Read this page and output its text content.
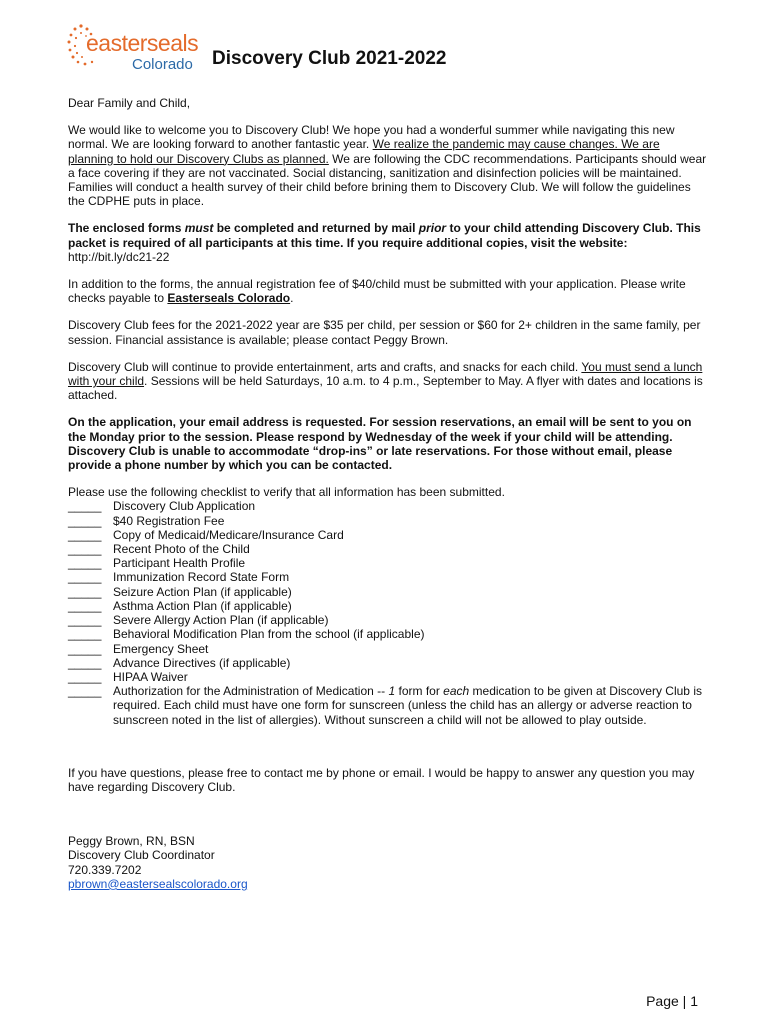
easterseals
Colorado Discovery Club 2021-2022

Dear Family and Child,

We would like to welcome you to Discovery Club! We hope you had a wonderful summer while navigating this new normal. We are looking forward to another fantastic year. We realize the pandemic may cause changes. We are planning to hold our Discovery Clubs as planned. We are following the CDC recommendations. Participants should wear a face covering if they are not vaccinated. Social distancing, sanitization and disinfection policies will be maintained. Families will conduct a health survey of their child before brining them to Discovery Club. We will follow the guidelines the CDPHE puts in place.

The enclosed forms must be completed and returned by mail prior to your child attending Discovery Club. This packet is required of all participants at this time. If you require additional copies, visit the website:

http://bit.ly/dc21-22

In addition to the forms, the annual registration fee of $40/child must be submitted with your application. Please write checks payable to Easterseals Colorado.

Discovery Club fees for the 2021-2022 year are $35 per child, per session or $60 for 2+ children in the same family, per session. Financial assistance is available; please contact Peggy Brown.

Discovery Club will continue to provide entertainment, arts and crafts, and snacks for each child. You must send a lunch with your child. Sessions will be held Saturdays, 10 a.m. to 4 p.m., September to May. A flyer with dates and locations is attached.

On the application, your email address is requested. For session reservations, an email will be sent to you on the Monday prior to the session. Please respond by Wednesday of the week if your child will be attending. Discovery Club is unable to accommodate “drop-ins” or late reservations. For those without email, please provide a phone number by which you can be contacted.

Please use the following checklist to verify that all information has been submitted.
_____ Discovery Club Application
_____ $40 Registration Fee
_____ Copy of Medicaid/Medicare/Insurance Card
_____ Recent Photo of the Child
_____ Participant Health Profile
_____ Immunization Record State Form
_____ Seizure Action Plan (if applicable)
_____ Asthma Action Plan (if applicable)
_____ Severe Allergy Action Plan (if applicable)
_____ Behavioral Modification Plan from the school (if applicable)
_____ Emergency Sheet
_____ Advance Directives (if applicable)
_____ HIPAA Waiver
_____ Authorization for the Administration of Medication -- 1 form for each medication to be given at Discovery Club is required. Each child must have one form for sunscreen (unless the child has an allergy or adverse reaction to sunscreen noted in the list of allergies). Without sunscreen a child will not be allowed to play outside.

If you have questions, please free to contact me by phone or email. I would be happy to answer any question you may have regarding Discovery Club.

Peggy Brown, RN, BSN
Discovery Club Coordinator
720.339.7202
pbrown@eastersealscolorado.org
Page | 1
